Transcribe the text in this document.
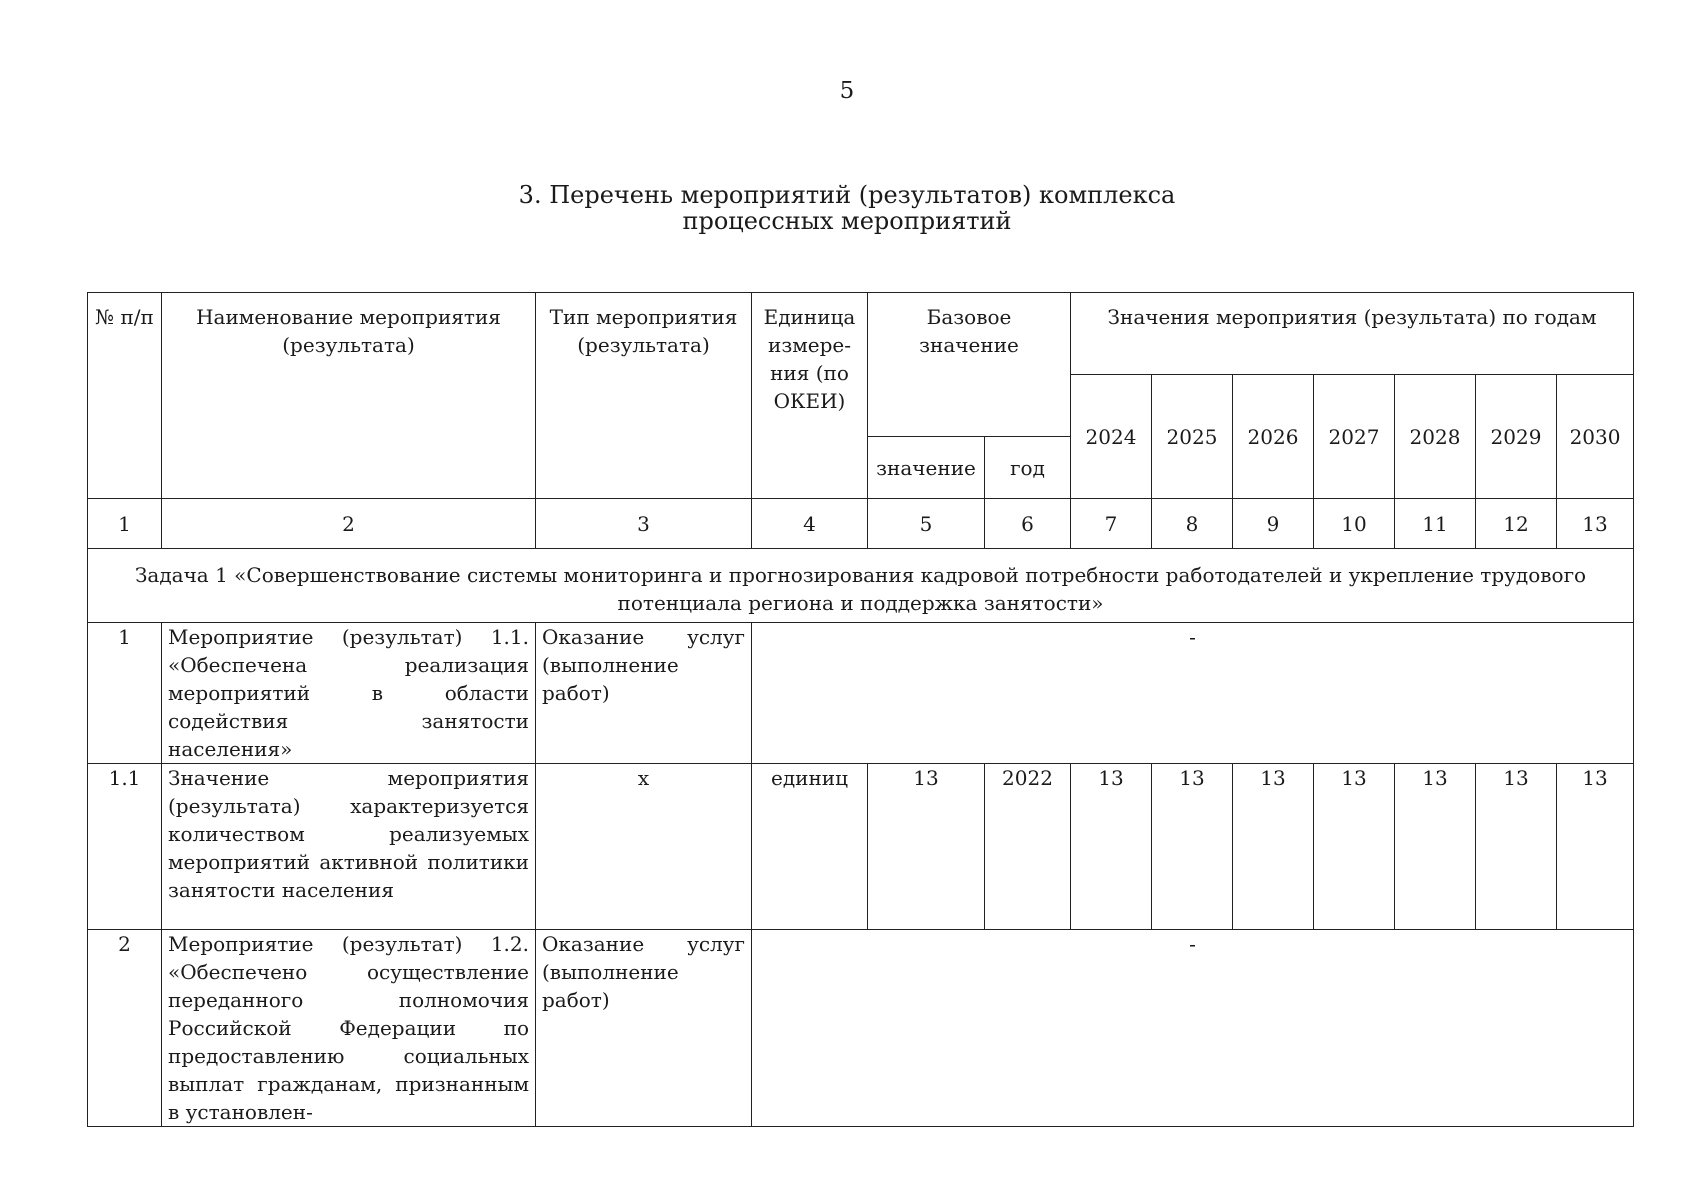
5
3. Перечень мероприятий (результатов) комплекса
процессных мероприятий
№ п/п	Наименование мероприятия (результата)	Тип мероприятия (результата)	Единица измере-ния (по ОКЕИ)	Базовое значение		Значения мероприятия (результата) по годам						
						2024	2025	2026	2027	2028	2029	2030
				значение	год							
1	2	3	4	5	6	7	8	9	10	11	12	13
Задача 1 «Совершенствование системы мониторинга и прогнозирования кадровой потребности работодателей и укрепление трудового потенциала региона и поддержка занятости»												
1	Мероприятие (результат) 1.1. «Обеспечена реализация мероприятий в области содействия занятости населения»	Оказание услуг (выполнение работ)	-									
1.1	Значение мероприятия (результата) характеризуется количеством реализуемых мероприятий активной политики занятости населения	х	единиц	13	2022	13	13	13	13	13	13	13
2	Мероприятие (результат) 1.2. «Обеспечено осуществление переданного полномочия Российской Федерации по предоставлению социальных выплат гражданам, признанным в установлен-	Оказание услуг (выполнение работ)	-									
